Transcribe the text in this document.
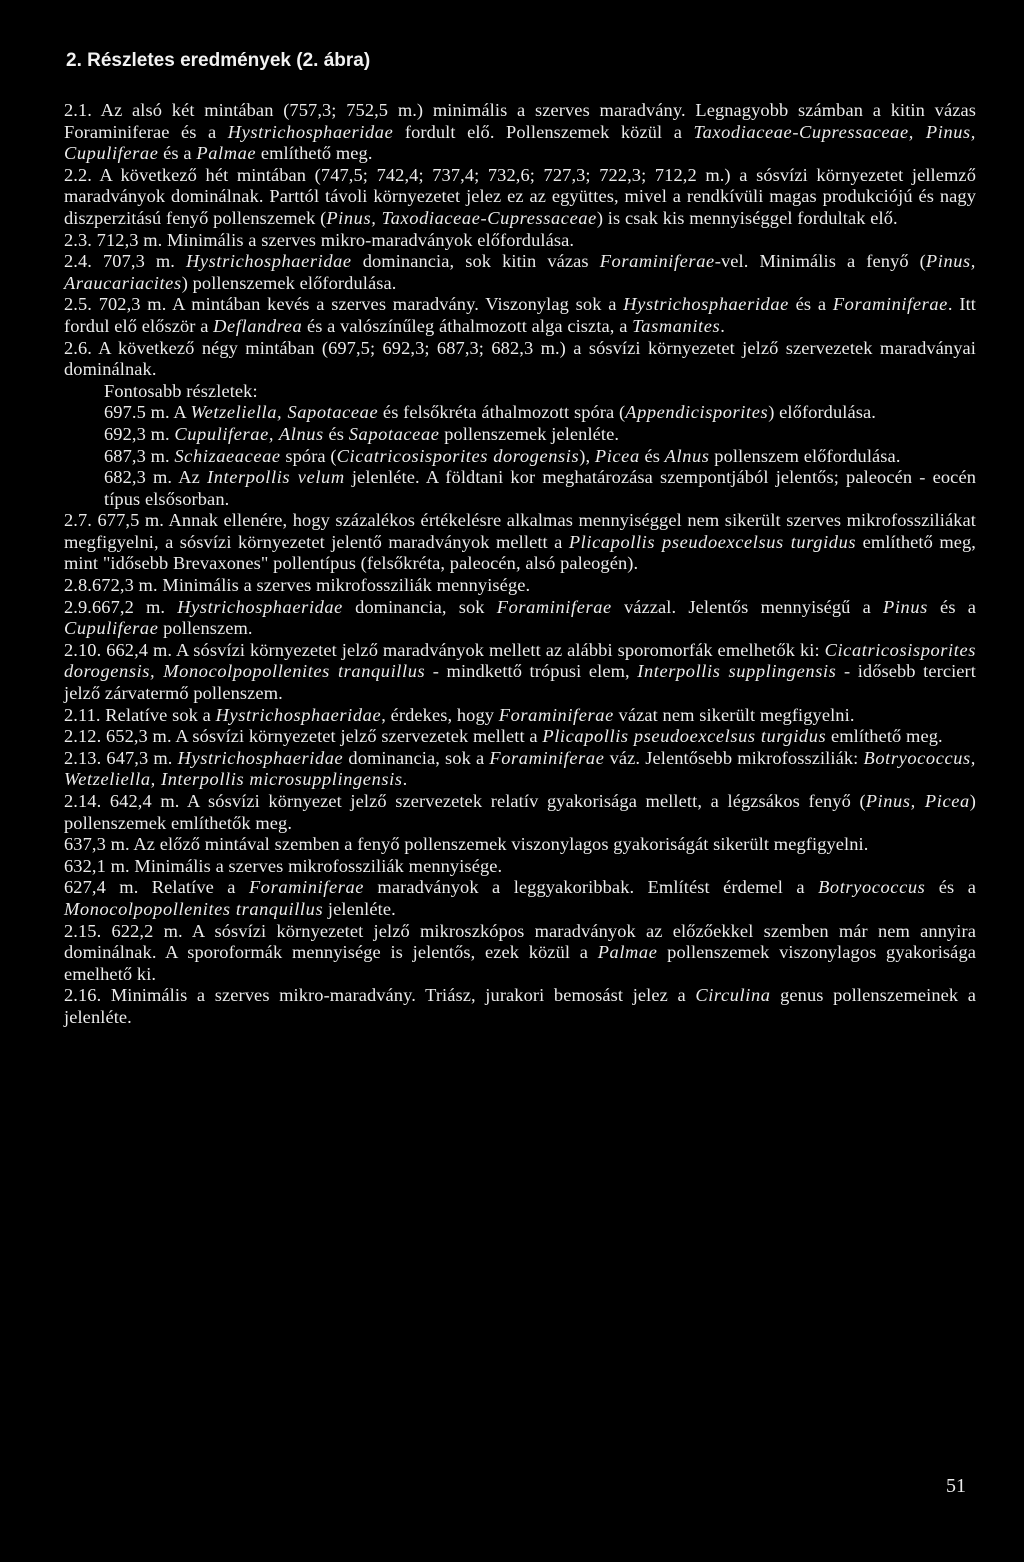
2. Részletes eredmények (2. ábra)
2.1. Az alsó két mintában (757,3; 752,5 m.) minimális a szerves maradvány. Legnagyobb számban a kitin vázas Foraminiferae és a Hystrichosphaeridae fordult elő. Pollenszemek közül a Taxodiaceae-Cupressaceae, Pinus, Cupuliferae és a Palmae említhető meg.
2.2. A következő hét mintában (747,5; 742,4; 737,4; 732,6; 727,3; 722,3; 712,2 m.) a sósvízi környezetet jellemző maradványok dominálnak. Parttól távoli környezetet jelez ez az együttes, mivel a rendkívüli magas produkciójú és nagy diszperzitású fenyő pollenszemek (Pinus, Taxodiaceae-Cupressaceae) is csak kis mennyiséggel fordultak elő.
2.3. 712,3 m. Minimális a szerves mikro-maradványok előfordulása.
2.4. 707,3 m. Hystrichosphaeridae dominancia, sok kitin vázas Foraminiferae-vel. Minimális a fenyő (Pinus, Araucariacites) pollenszemek előfordulása.
2.5. 702,3 m. A mintában kevés a szerves maradvány. Viszonylag sok a Hystrichosphaeridae és a Foraminiferae. Itt fordul elő először a Deflandrea és a valószínűleg áthalmozott alga ciszta, a Tasmanites.
2.6. A következő négy mintában (697,5; 692,3; 687,3; 682,3 m.) a sósvízi környezetet jelző szervezetek maradványai dominálnak.
Fontosabb részletek:
697.5 m. A Wetzeliella, Sapotaceae és felsőkréta áthalmozott spóra (Appendicisporites) előfordulása.
692,3 m. Cupuliferae, Alnus és Sapotaceae pollenszemek jelenléte.
687,3 m. Schizaeaceae spóra (Cicatricosisporites dorogensis), Picea és Alnus pollenszem előfordulása.
682,3 m. Az Interpollis velum jelenléte. A földtani kor meghatározása szempontjából jelentős; paleocén - eocén típus elsősorban.
2.7. 677,5 m. Annak ellenére, hogy százalékos értékelésre alkalmas mennyiséggel nem sikerült szerves mikrofossziliákat megfigyelni, a sósvízi környezetet jelentő maradványok mellett a Plicapollis pseudoexcelsus turgidus említhető meg, mint "idősebb Brevaxones" pollentípus (felsőkréta, paleocén, alsó paleogén).
2.8.672,3 m. Minimális a szerves mikrofossziliák mennyisége.
2.9.667,2 m. Hystrichosphaeridae dominancia, sok Foraminiferae vázzal. Jelentős mennyiségű a Pinus és a Cupuliferae pollenszem.
2.10. 662,4 m. A sósvízi környezetet jelző maradványok mellett az alábbi sporomorfák emelhetők ki: Cicatricosisporites dorogensis, Monocolpopollenites tranquillus - mindkettő trópusi elem, Interpollis supplingensis - idősebb terciert jelző zárvatermő pollenszem.
2.11. Relatíve sok a Hystrichosphaeridae, érdekes, hogy Foraminiferae vázat nem sikerült megfigyelni.
2.12. 652,3 m. A sósvízi környezetet jelző szervezetek mellett a Plicapollis pseudoexcelsus turgidus említhető meg.
2.13. 647,3 m. Hystrichosphaeridae dominancia, sok a Foraminiferae váz. Jelentősebb mikrofossziliák: Botryococcus, Wetzeliella, Interpollis microsupplingensis.
2.14. 642,4 m. A sósvízi környezet jelző szervezetek relatív gyakorisága mellett, a légzsákos fenyő (Pinus, Picea) pollenszemek említhetők meg.
637,3 m. Az előző mintával szemben a fenyő pollenszemek viszonylagos gyakoriságát sikerült megfigyelni.
632,1 m. Minimális a szerves mikrofossziliák mennyisége.
627,4 m. Relatíve a Foraminiferae maradványok a leggyakoribbak. Említést érdemel a Botryococcus és a Monocolpopollenites tranquillus jelenléte.
2.15. 622,2 m. A sósvízi környezetet jelző mikroszkópos maradványok az előzőekkel szemben már nem annyira dominálnak. A sporoformák mennyisége is jelentős, ezek közül a Palmae pollenszemek viszonylagos gyakorisága emelhető ki.
2.16. Minimális a szerves mikro-maradvány. Triász, jurakori bemosást jelez a Circulina genus pollenszemeinek a jelenléte.
51
